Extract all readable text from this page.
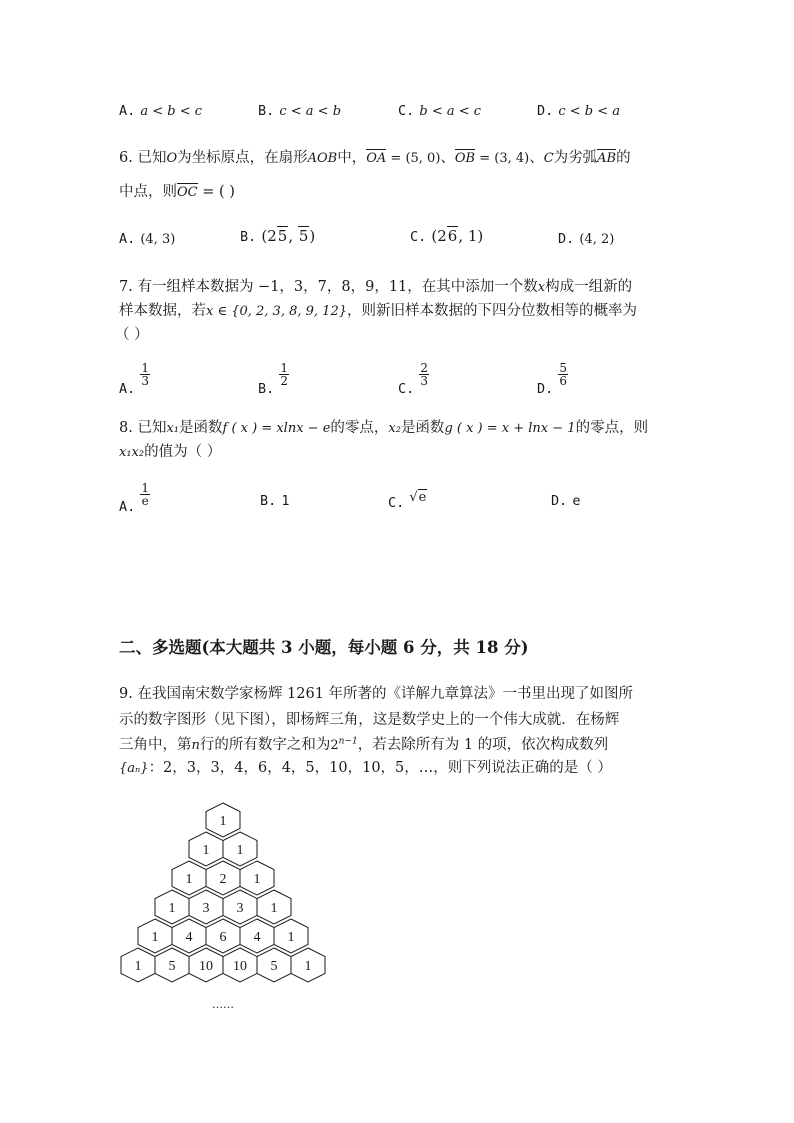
A. a < b < c	B. c < a < b	C. b < a < c	D. c < b < a
6. 已知O为坐标原点，在扇形AOB中，OA = (5, 0)、OB = (3, 4)、C为劣弧AB的
中点，则OC = ( )
A. (4, 3)	B. (25, 5)	C. (26, 1)	D. (4, 2)
7. 有一组样本数据为 −1，3，7，8，9，11，在其中添加一个数x构成一组新的
样本数据，若x ∈ {0, 2, 3, 8, 9, 12}，则新旧样本数据的下四分位数相等的概率为
（ ）
$_{A.}$
$\frac{1}{3}$
$_{B.}$
$\frac{1}{2}$
$_{C.}$
$\frac{2}{3}$
$_{D.}$
$\frac{5}{6}$
8. 已知x₁是函数f ( x ) = xlnx − e的零点，x₂是函数g ( x ) = x + lnx − 1的零点，则
x₁x₂的值为（ ）
$_{A.} \frac{1}{e}$	B. 1	$_{C.}$ √e	D. e
二、多选题(本大题共 3 小题，每小题 6 分，共 18 分)
9. 在我国南宋数学家杨辉 1261 年所著的《详解九章算法》一书里出现了如图所
示的数字图形（见下图），即杨辉三角，这是数学史上的一个伟大成就．在杨辉
三角中，第n行的所有数字之和为$2^{n-1}$，若去除所有为 1 的项，依次构成数列
{aₙ}：2，3，3，4，6，4，5，10，10，5，…，则下列说法正确的是（ ）
1
1 1
1 2 1
1 3 3 1
1 4 6 4 1
1 5 10 10 5 1
……
